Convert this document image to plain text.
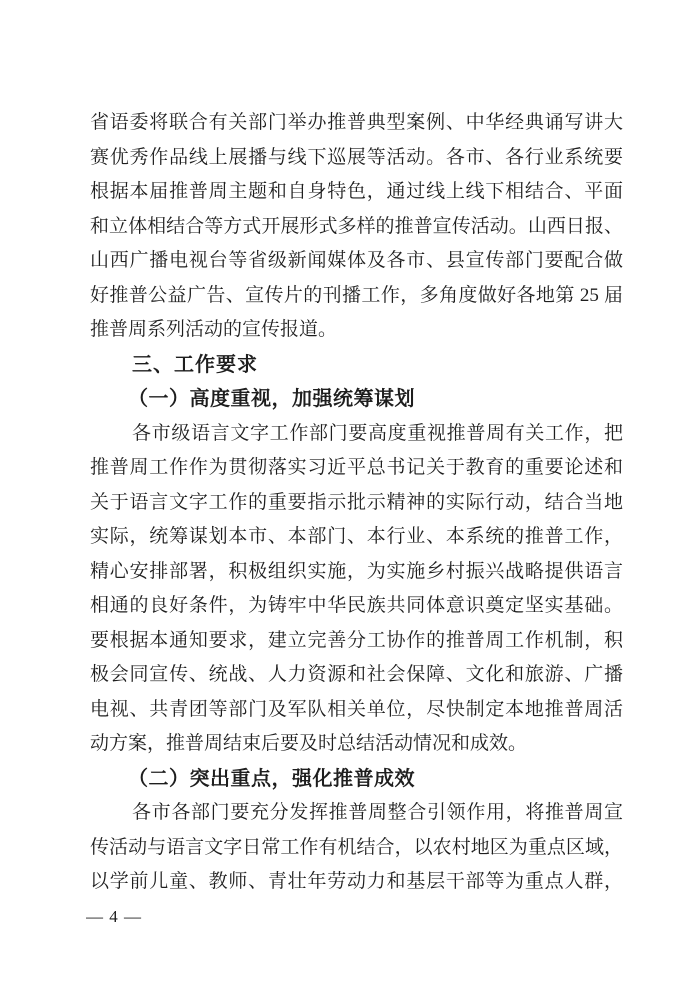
省语委将联合有关部门举办推普典型案例、中华经典诵写讲大
赛优秀作品线上展播与线下巡展等活动。各市、各行业系统要
根据本届推普周主题和自身特色，通过线上线下相结合、平面
和立体相结合等方式开展形式多样的推普宣传活动。山西日报、
山西广播电视台等省级新闻媒体及各市、县宣传部门要配合做
好推普公益广告、宣传片的刊播工作，多角度做好各地第 25 届
推普周系列活动的宣传报道。
三、工作要求
（一）高度重视，加强统筹谋划
各市级语言文字工作部门要高度重视推普周有关工作，把
推普周工作作为贯彻落实习近平总书记关于教育的重要论述和
关于语言文字工作的重要指示批示精神的实际行动，结合当地
实际，统筹谋划本市、本部门、本行业、本系统的推普工作，
精心安排部署，积极组织实施，为实施乡村振兴战略提供语言
相通的良好条件，为铸牢中华民族共同体意识奠定坚实基础。
要根据本通知要求，建立完善分工协作的推普周工作机制，积
极会同宣传、统战、人力资源和社会保障、文化和旅游、广播
电视、共青团等部门及军队相关单位，尽快制定本地推普周活
动方案，推普周结束后要及时总结活动情况和成效。
（二）突出重点，强化推普成效
各市各部门要充分发挥推普周整合引领作用，将推普周宣
传活动与语言文字日常工作有机结合，以农村地区为重点区域，
以学前儿童、教师、青壮年劳动力和基层干部等为重点人群，
— 4 —
